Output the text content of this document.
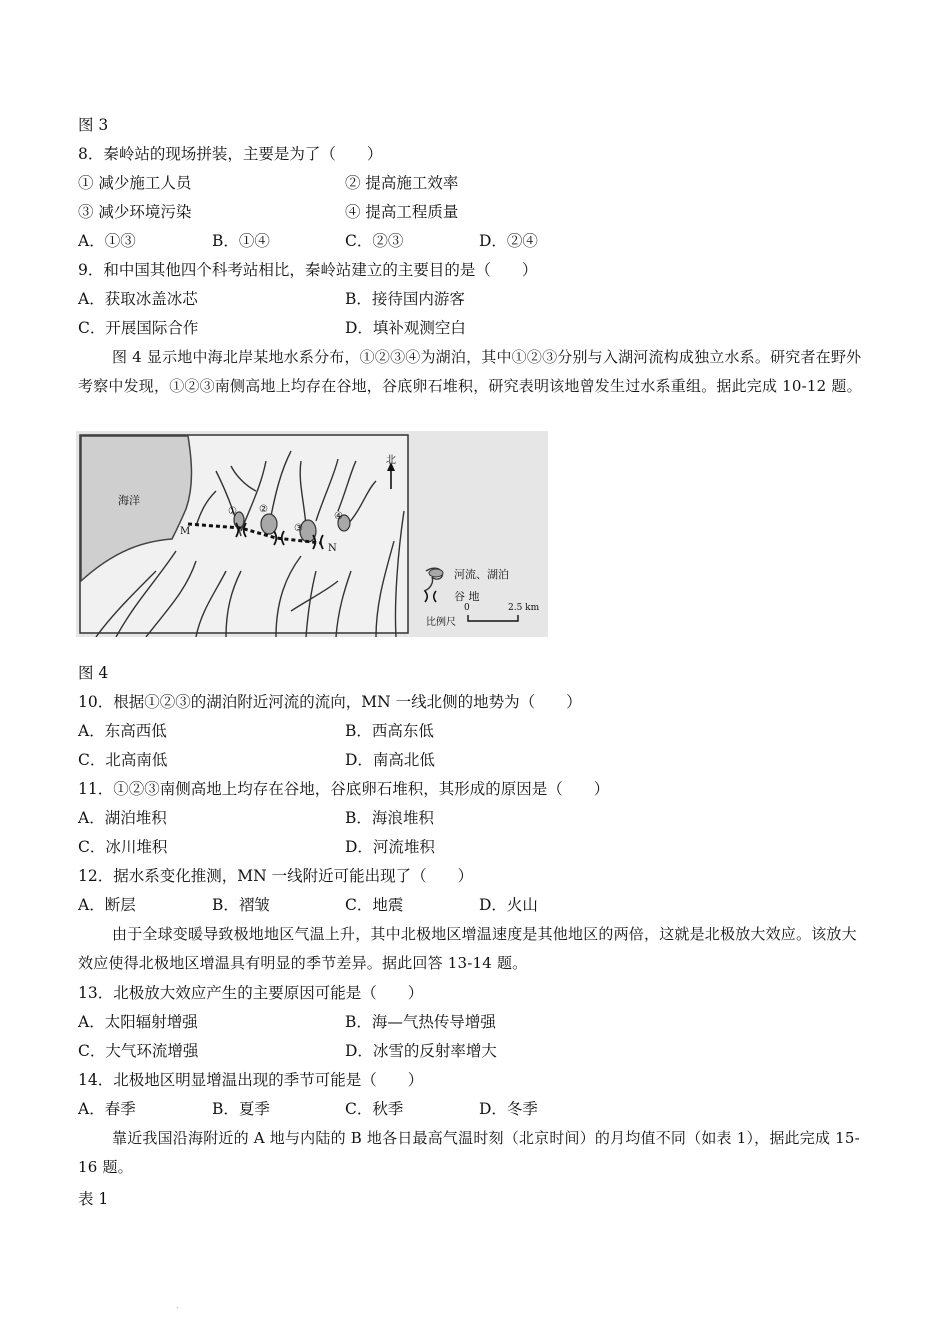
图 3
8．秦岭站的现场拼装，主要是为了（　　）
① 减少施工人员	② 提高施工效率
③ 减少环境污染	④ 提高工程质量
A．①③	B．①④	C．②③	D．②④
9．和中国其他四个科考站相比，秦岭站建立的主要目的是（　　）
A．获取冰盖冰芯	B．接待国内游客
C．开展国际合作	D．填补观测空白
图 4 显示地中海北岸某地水系分布，①②③④为湖泊，其中①②③分别与入湖河流构成独立水系。研究者在野外考察中发现，①②③南侧高地上均存在谷地，谷底卵石堆积，研究表明该地曾发生过水系重组。据此完成 10-12 题。
海洋
北
M
N
① ②
③
④
河流、湖泊
谷 地
比例尺
0	2.5 km
图 4
10．根据①②③的湖泊附近河流的流向，MN 一线北侧的地势为（　　）
A．东高西低	B．西高东低
C．北高南低	D．南高北低
11．①②③南侧高地上均存在谷地，谷底卵石堆积，其形成的原因是（　　）
A．湖泊堆积	B．海浪堆积
C．冰川堆积	D．河流堆积
12．据水系变化推测，MN 一线附近可能出现了（　　）
A．断层	B．褶皱	C．地震	D．火山
由于全球变暖导致极地地区气温上升，其中北极地区增温速度是其他地区的两倍，这就是北极放大效应。该放大效应使得北极地区增温具有明显的季节差异。据此回答 13-14 题。
13．北极放大效应产生的主要原因可能是（　　）
A．太阳辐射增强	B．海—气热传导增强
C．大气环流增强	D．冰雪的反射率增大
14．北极地区明显增温出现的季节可能是（　　）
A．春季	B．夏季	C．秋季	D．冬季
靠近我国沿海附近的 A 地与内陆的 B 地各日最高气温时刻（北京时间）的月均值不同（如表 1），据此完成 15-16 题。
表 1
.
